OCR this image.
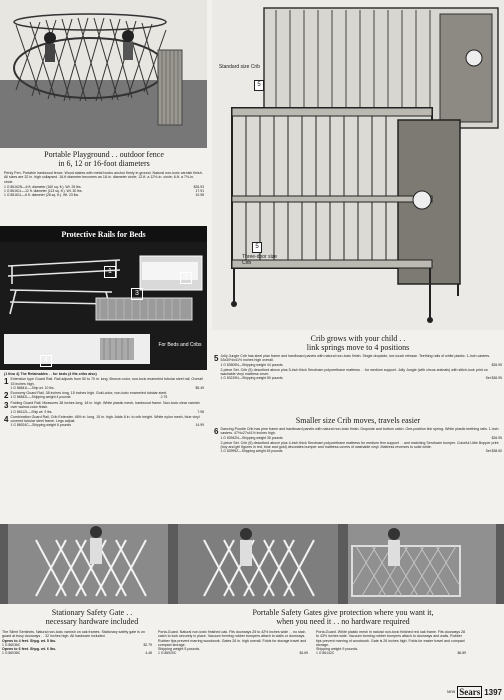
Portable Playground . . outdoor fence
in 6, 12 or 16-foot diameters
Perky Pen. Portable hardwood fence. Wood stakes with metal hooks anchor firmly in ground. Natural non-toxic varnish finish. All sizes are 32 in. high collapsed. 16-ft diameter becomes an 18-in. diameter circle; 12-ft. a 12½-in. circle; 6-ft. a 7½-in. circle.
1 G 86162N—6 ft. diameter (160 sq. ft.). Wt. 25 lbs.	$26.93
1 G 86161L—12 ft. diameter (113 sq. ft.). Wt. 30 lbs.	17.91
1 G 86161L—6 ft. diameter (28 sq. ft.). Wt. 23 lbs.	10.98
Protective Rails for Beds
1
2
3
4
For Beds and Cribs
(1 thru 4) The Retainables . . for beds (4 fits cribs also)
1 Extension type Guard Rail. Rail adjusts from 50 to 70 in. long. Bronze-color, non-toxic enameled tubular steel rail. Overall 15 inches high.
1 G 86841L—Ship wt. 10 lbs.	$5.49
2 Economy Guard Rail. 38 inches long, 15 inches high. Gold-color, non-toxic enameled tubular steel.
1 G 86842L—Shipping weight 4 pounds	2.75
3 Folding Guard Rail. Measures 38 inches long, 18 in. high. White plastic mesh, hardwood frame. Non-toxic clear varnish over walnut-color finish.
1 G 86112L—Ship wt. 9 lbs.	7.98
4 Combination Guard Rail, Crib Extender. 48½ in. long, 15 in. high. Adds 8 in. to crib height. White nylon mesh, blue vinyl covered tubular steel frame. Legs adjust.
1 G 86924C—Shipping weight 6 pounds	14.99
Standard size Crib
5
5
Three-door size Crib
Crib grows with your child . .
link springs move to 4 positions
5 Jolly Jungle Crib has steel plan frame and hardboard panels with natural non-toxic finish. Single dropside, toe-touch release. Teething rails of white plastic. 1-inch casters. 53x30½x41½ inches high overall.
1 G 83509N—Shipping weight 44 pounds	$26.95
2-piece Set. Crib (5) described above plus 5-inch thick Serofoam polyurethane mattress . . for medium support. Jolly Jungle (with circus animals) with stitch-look print on washable vinyl mattress cover.
1 G 83219N—Shipping weight 80 pounds	Set $36.95
Smaller size Crib moves, travels easier
6 Dancing Poodle Crib has pine frame and hardboard panels with natural non-toxic finish. Dropside and bottom catch. One-position link spring. White plastic teething rails. 1-inch casters. 47½x27x41½ inches high.
1 G 83942N—Shipping weight 35 pounds	$26.95
2-piece Set. Crib (6) described above plus 4-inch thick Serofoam polyurethane mattress for medium firm support . . and matching Serofoam bumper. Colorful Little Bopper print (boy and girl figures in red, blue and gold) decorates bumper and mattress covers of washable vinyl. Mattress reverses to solid white.
1 G 83999Z—Shipping weight 45 pounds	Set $38.50
Stationary Safety Gate . .
necessary hardware included
Portable Safety Gates give protection where you want it,
when you need it . . no hardware required
The Silent Sentinels. Natural non-toxic varnish on oak frames. Stationary safety gate is on guard at busy doorways . . 32 inches high. All hardware included.
Opens to 4 feet. Shpg. wt. 5 lbs.
1 G 86036C	$2.79
Opens to 6 feet. Shpg. wt. 6 lbs.
1 G 86038C	4.48
Porta-Guard. Natural non-toxic finished oak. Fits doorways 25 to 42½ inches wide . . no stair-catch to lock securely in place. Vacuum forming rubber bumpers attach to walls or doorways. Rubber tips prevent marring woodwork. Gates 26 in. high overall. Folds for storage travel and compact storage.
Shipping weight 5 pounds.
1 G 86920C	$4.69
Porta-Guard. White plastic mesh in natural non-toxic finished red oak frame. Fits doorways 28 to 43½ inches wide. Vacuum forming rubber bumpers attach to doorways and walls. Rubber tips prevent marring of woodwork. Gate is 26 inches high. Folds for easier travel and compact storage.
Shipping weight 9 pounds.
1 G 86142C	$6.89
NEW Sears 1397
